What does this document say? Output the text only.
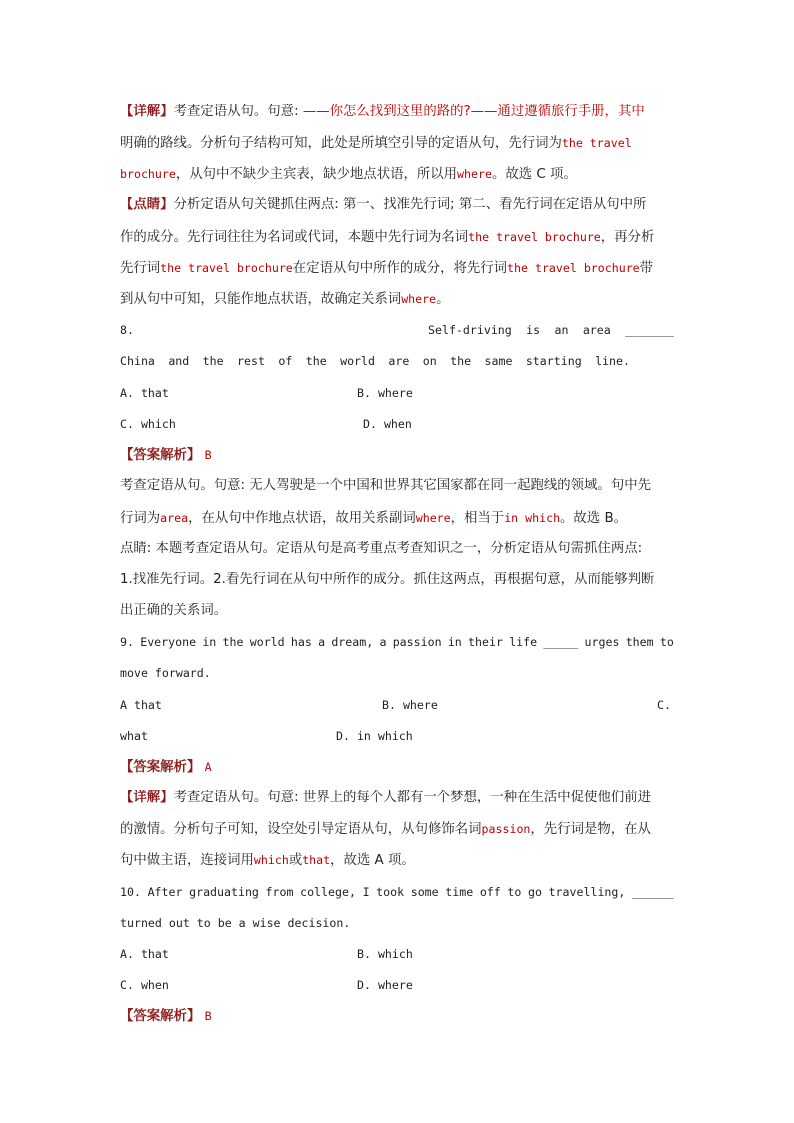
【详解】考查定语从句。句意: ——你怎么找到这里的路的?——通过遵循旅行手册，其中
明确的路线。分析句子结构可知，此处是所填空引导的定语从句，先行词为the travel
brochure，从句中不缺少主宾表，缺少地点状语，所以用where。故选 C 项。
【点睛】分析定语从句关键抓住两点: 第一、找准先行词; 第二、看先行词在定语从句中所
作的成分。先行词往往为名词或代词，本题中先行词为名词the travel brochure，再分析
先行词the travel brochure在定语从句中所作的成分，将先行词the travel brochure带
到从句中可知，只能作地点状语，故确定关系词where。
8.	Self-driving is an area _______
China and the rest of the world are on the same starting line.
A. that	B. where
C. which	D. when
【答案解析】 B
考查定语从句。句意: 无人驾驶是一个中国和世界其它国家都在同一起跑线的领域。句中先
行词为area，在从句中作地点状语，故用关系副词where，相当于in which。故选 B。
点睛: 本题考查定语从句。定语从句是高考重点考查知识之一，分析定语从句需抓住两点:
1.找准先行词。2.看先行词在从句中所作的成分。抓住这两点，再根据句意，从而能够判断
出正确的关系词。
9. Everyone in the world has a dream, a passion in their life _____ urges them to
move forward.
A that	B. where	C.
what	D. in which
【答案解析】 A
【详解】考查定语从句。句意: 世界上的每个人都有一个梦想，一种在生活中促使他们前进
的激情。分析句子可知，设空处引导定语从句，从句修饰名词passion，先行词是物，在从
句中做主语，连接词用which或that，故选 A 项。
10. After graduating from college, I took some time off to go travelling, ______
turned out to be a wise decision.
A. that	B. which
C. when	D. where
【答案解析】 B
